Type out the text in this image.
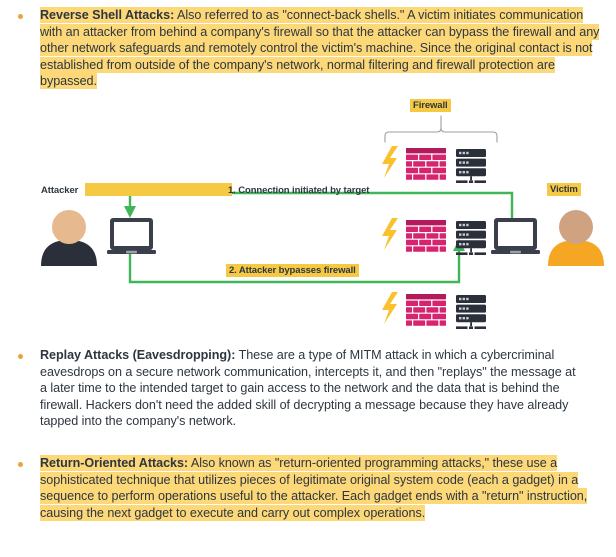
Reverse Shell Attacks: Also referred to as "connect-back shells." A victim initiates communication with an attacker from behind a company's firewall so that the attacker can bypass the firewall and any other network safeguards and remotely control the victim's machine. Since the original contact is not established from outside of the company's network, normal filtering and firewall protection are bypassed.
Firewall
Attacker	Victim
1. Connection initiated by target
2. Attacker bypasses firewall
Replay Attacks (Eavesdropping): These are a type of MITM attack in which a cybercriminal eavesdrops on a secure network communication, intercepts it, and then "replays" the message at a later time to the intended target to gain access to the network and the data that is behind the firewall. Hackers don't need the added skill of decrypting a message because they have already tapped into the company's network.
Return-Oriented Attacks: Also known as "return-oriented programming attacks," these use a sophisticated technique that utilizes pieces of legitimate original system code (each a gadget) in a sequence to perform operations useful to the attacker. Each gadget ends with a "return" instruction, causing the next gadget to execute and carry out complex operations.
